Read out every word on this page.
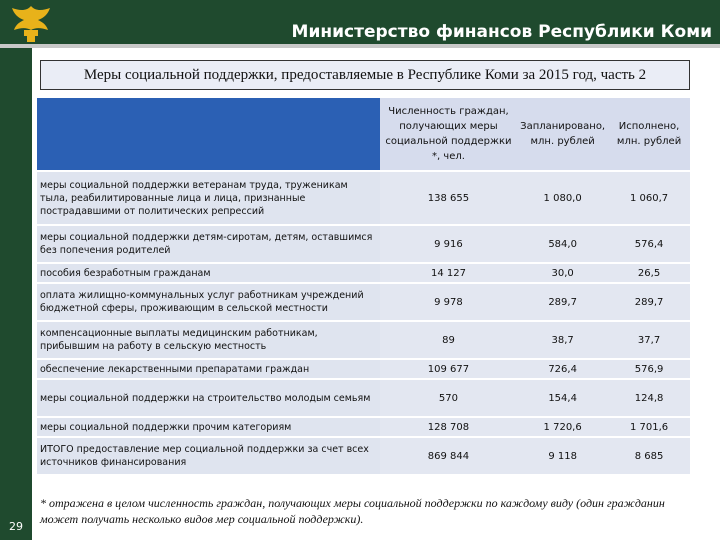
Министерство финансов Республики Коми
29
Меры социальной поддержки, предоставляемые в Республике Коми за 2015 год, часть 2
	Численность граждан, получающих меры социальной поддержки *, чел.	Запланировано, млн. рублей	Исполнено, млн. рублей
меры социальной поддержки ветеранам труда, труженикам тыла, реабилитированные лица и лица, признанные пострадавшими от политических репрессий	138 655	1 080,0	1 060,7
меры социальной поддержки детям-сиротам, детям, оставшимся без попечения родителей	9 916	584,0	576,4
пособия безработным гражданам	14 127	30,0	26,5
оплата жилищно-коммунальных услуг работникам учреждений бюджетной сферы, проживающим в сельской местности	9 978	289,7	289,7
компенсационные выплаты медицинским работникам, прибывшим на работу в сельскую местность	89	38,7	37,7
обеспечение лекарственными препаратами граждан	109 677	726,4	576,9
меры социальной поддержки на строительство молодым семьям	570	154,4	124,8
меры социальной поддержки прочим категориям	128 708	1 720,6	1 701,6
ИТОГО предоставление мер социальной поддержки за счет всех источников финансирования	869 844	9 118	8 685
* отражена в целом численность граждан, получающих меры социальной поддержки по каждому виду (один гражданин может получать несколько видов мер социальной поддержки).
